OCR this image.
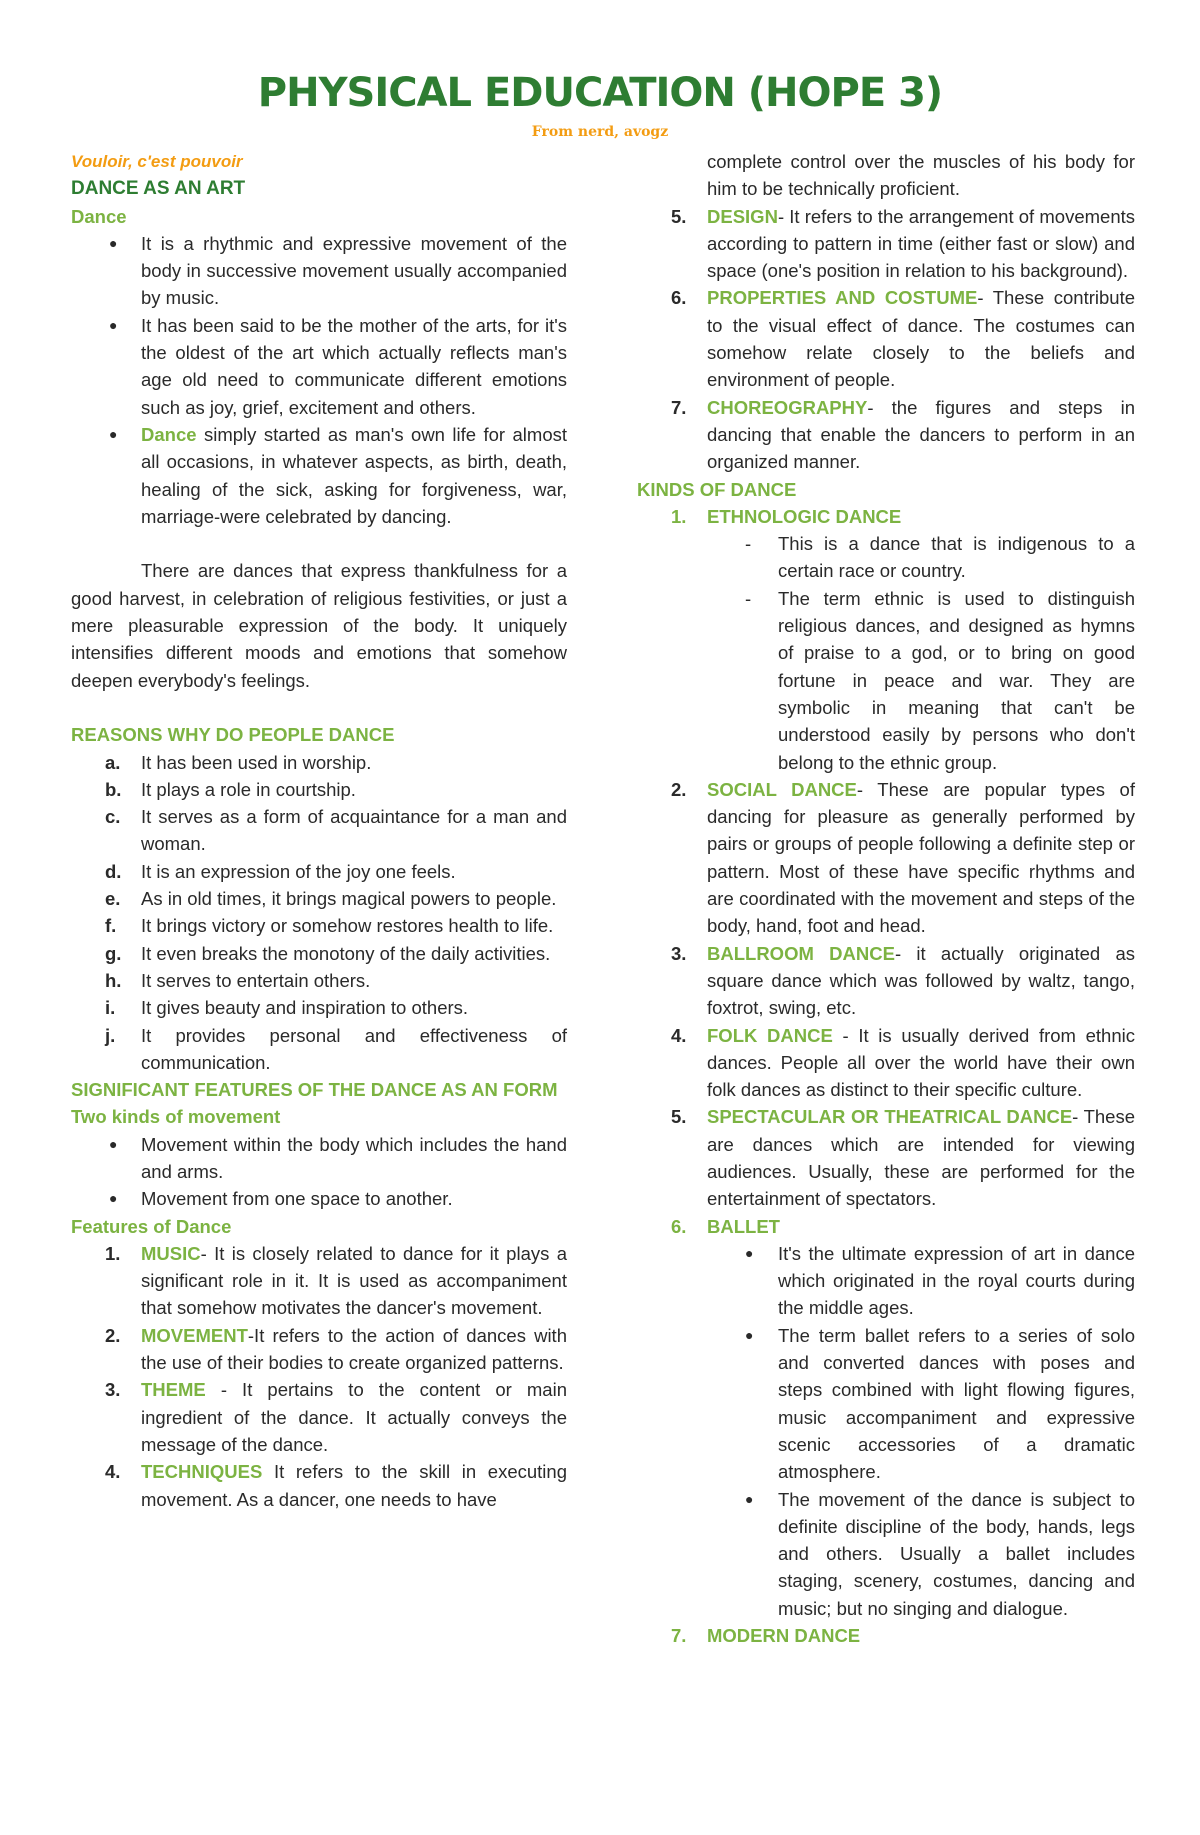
PHYSICAL EDUCATION (HOPE 3)
From nerd, avogz
Vouloir, c'est pouvoir
DANCE AS AN ART
Dance
● It is a rhythmic and expressive movement of the body in successive movement usually accompanied by music.
● It has been said to be the mother of the arts, for it's the oldest of the art which actually reflects man's age old need to communicate different emotions such as joy, grief, excitement and others.
● Dance simply started as man's own life for almost all occasions, in whatever aspects, as birth, death, healing of the sick, asking for forgiveness, war, marriage-were celebrated by dancing.
There are dances that express thankfulness for a good harvest, in celebration of religious festivities, or just a mere pleasurable expression of the body. It uniquely intensifies different moods and emotions that somehow deepen everybody's feelings.
REASONS WHY DO PEOPLE DANCE
a. It has been used in worship.
b. It plays a role in courtship.
c. It serves as a form of acquaintance for a man and woman.
d. It is an expression of the joy one feels.
e. As in old times, it brings magical powers to people.
f. It brings victory or somehow restores health to life.
g. It even breaks the monotony of the daily activities.
h. It serves to entertain others.
i. It gives beauty and inspiration to others.
j. It provides personal and effectiveness of communication.
SIGNIFICANT FEATURES OF THE DANCE AS AN FORM
Two kinds of movement
● Movement within the body which includes the hand and arms.
● Movement from one space to another.
Features of Dance
1. MUSIC- It is closely related to dance for it plays a significant role in it. It is used as accompaniment that somehow motivates the dancer's movement.
2. MOVEMENT-It refers to the action of dances with the use of their bodies to create organized patterns.
3. THEME - It pertains to the content or main ingredient of the dance. It actually conveys the message of the dance.
4. TECHNIQUES It refers to the skill in executing movement. As a dancer, one needs to have
complete control over the muscles of his body for him to be technically proficient.
5. DESIGN- It refers to the arrangement of movements according to pattern in time (either fast or slow) and space (one's position in relation to his background).
6. PROPERTIES AND COSTUME- These contribute to the visual effect of dance. The costumes can somehow relate closely to the beliefs and environment of people.
7. CHOREOGRAPHY- the figures and steps in dancing that enable the dancers to perform in an organized manner.
KINDS OF DANCE
1. ETHNOLOGIC DANCE
- This is a dance that is indigenous to a certain race or country.
- The term ethnic is used to distinguish religious dances, and designed as hymns of praise to a god, or to bring on good fortune in peace and war. They are symbolic in meaning that can't be understood easily by persons who don't belong to the ethnic group.
2. SOCIAL DANCE- These are popular types of dancing for pleasure as generally performed by pairs or groups of people following a definite step or pattern. Most of these have specific rhythms and are coordinated with the movement and steps of the body, hand, foot and head.
3. BALLROOM DANCE- it actually originated as square dance which was followed by waltz, tango, foxtrot, swing, etc.
4. FOLK DANCE - It is usually derived from ethnic dances. People all over the world have their own folk dances as distinct to their specific culture.
5. SPECTACULAR OR THEATRICAL DANCE- These are dances which are intended for viewing audiences. Usually, these are performed for the entertainment of spectators.
6. BALLET
● It's the ultimate expression of art in dance which originated in the royal courts during the middle ages.
● The term ballet refers to a series of solo and converted dances with poses and steps combined with light flowing figures, music accompaniment and expressive scenic accessories of a dramatic atmosphere.
● The movement of the dance is subject to definite discipline of the body, hands, legs and others. Usually a ballet includes staging, scenery, costumes, dancing and music; but no singing and dialogue.
7. MODERN DANCE
